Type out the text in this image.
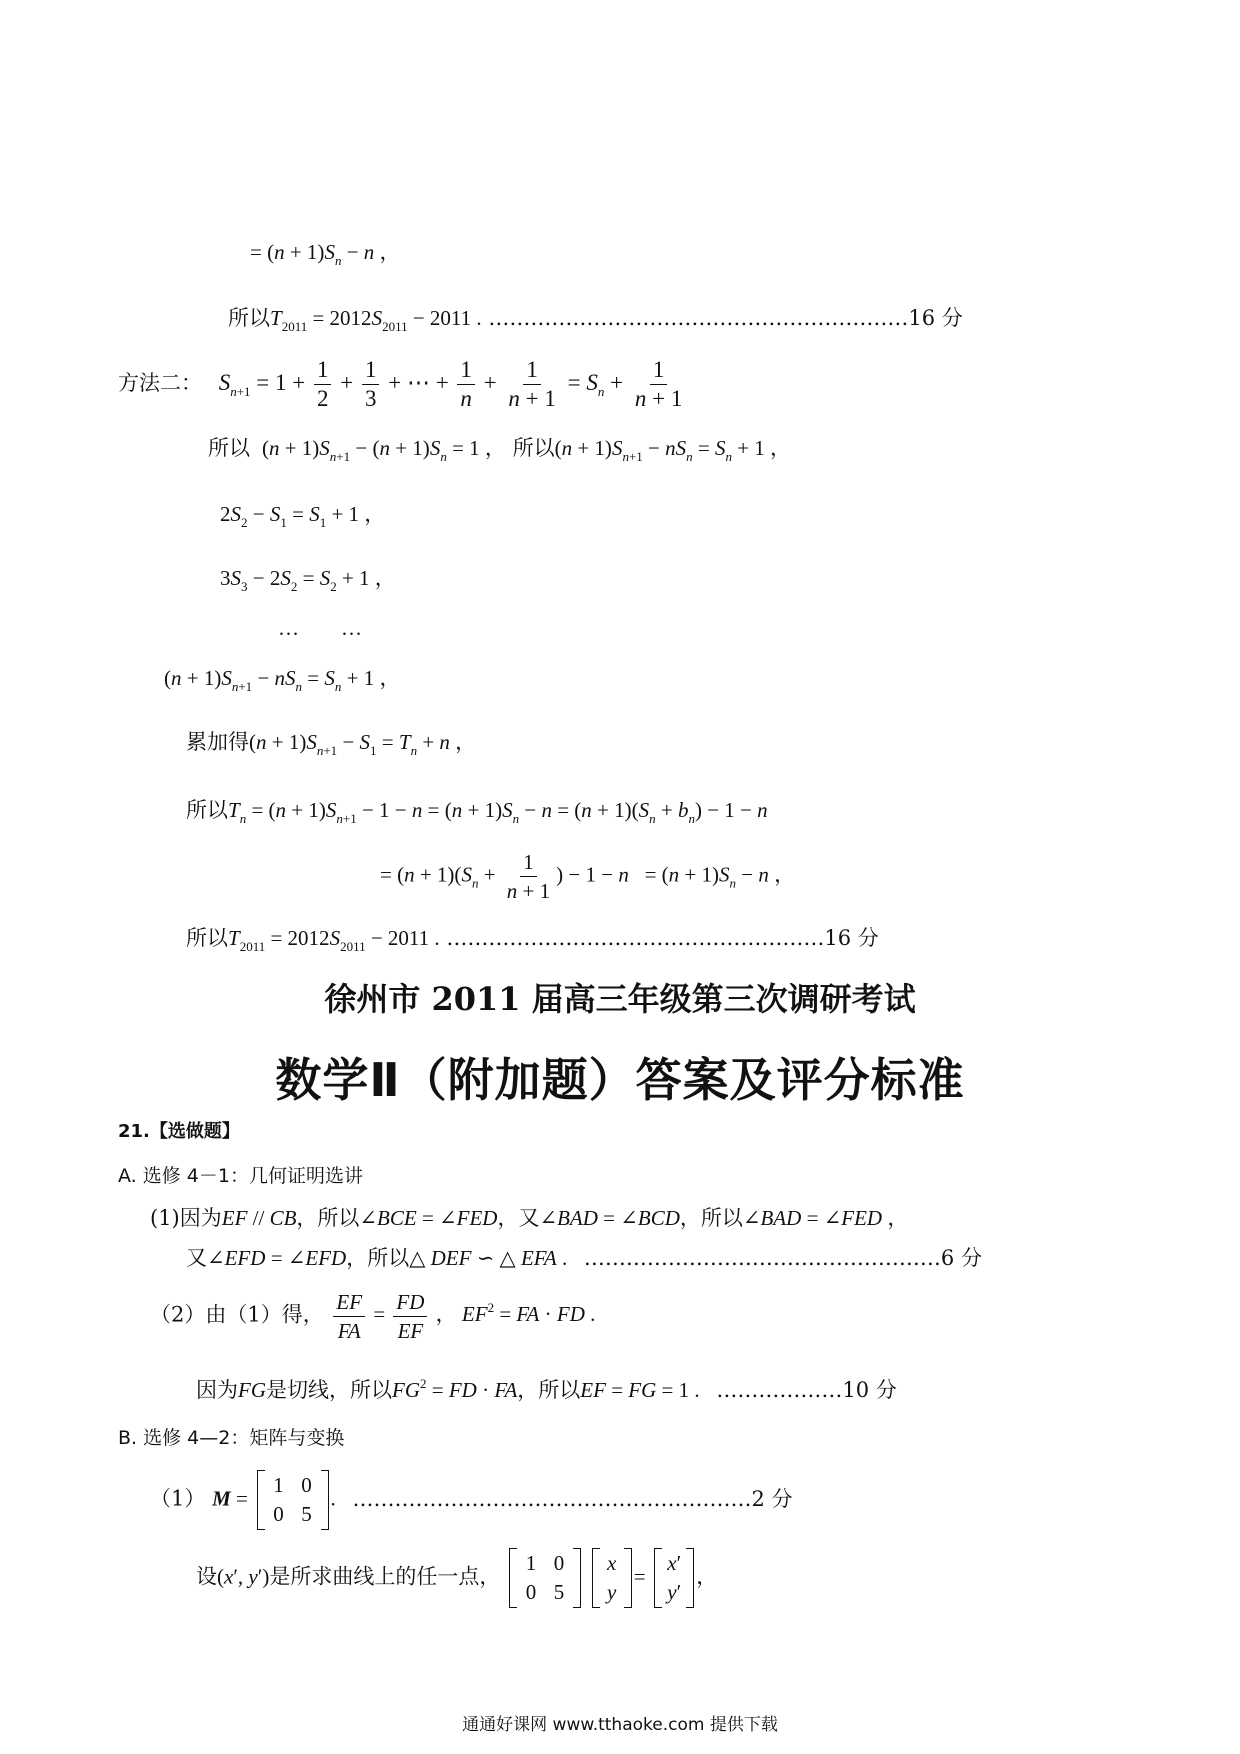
= $(n + 1)S_n - n$ ，
所以$T_{2011} = 2012S_{2011} - 2011$ . ……………………………………………………16 分
方法二： $S_{n+1} = 1 + \frac{1}{2} + \frac{1}{3}$ + ⋯ + $\frac{1}{n} + \frac{1}{n + 1} = S_n + \frac{1}{n + 1}$
所以  $(n + 1)S_{n+1} - (n + 1)S_n = 1$ ， 所以$(n + 1)S_{n+1} - nS_n = S_n + 1$ ，
$2S_2 - S_1 = S_1 + 1$ ，
$3S_3 - 2S_2 = S_2 + 1$ ，
…　　…
$(n + 1)S_{n+1} - nS_n = S_n + 1$ ，
累加得$(n + 1)S_{n+1} - S_1 = T_n + n$ ，
所以$T_n = (n + 1)S_{n+1} - 1 - n = (n + 1)S_n - n = (n + 1)(S_n + b_n) - 1 - n$
= $(n + 1)(S_n + \frac{1}{n + 1}$ ) − $1 - n = (n + 1)S_n - n$ ，
所以$T_{2011} = 2012S_{2011} - 2011$ . ………………………………………………16 分
徐州市 2011 届高三年级第三次调研考试
数学Ⅱ（附加题）答案及评分标准
21.【选做题】
A. 选修 4－1：几何证明选讲
(1)因为EF // CB，所以∠BCE = ∠FED，又∠BAD = ∠BCD，所以∠BAD = ∠FED ，
又∠EFD = ∠EFD，所以△ DEF ∽ △ EFA . ……………………………………………6 分
（2）由（1）得， $\frac{EF}{FA} = \frac{FD}{EF}$ ， $EF^2$ = FA · FD .
因为FG是切线，所以$FG^2$ = FD · FA，所以EF = FG = 1 . ………………10 分
B. 选修 4—2：矩阵与变换
（1） M =
1 0
0 5
. …………………………………………………2 分
设(x′, y′)是所求曲线上的任一点，
1 0
0 5

x
y
=
x′
y′
，
通通好课网 www.tthaoke.com 提供下载
